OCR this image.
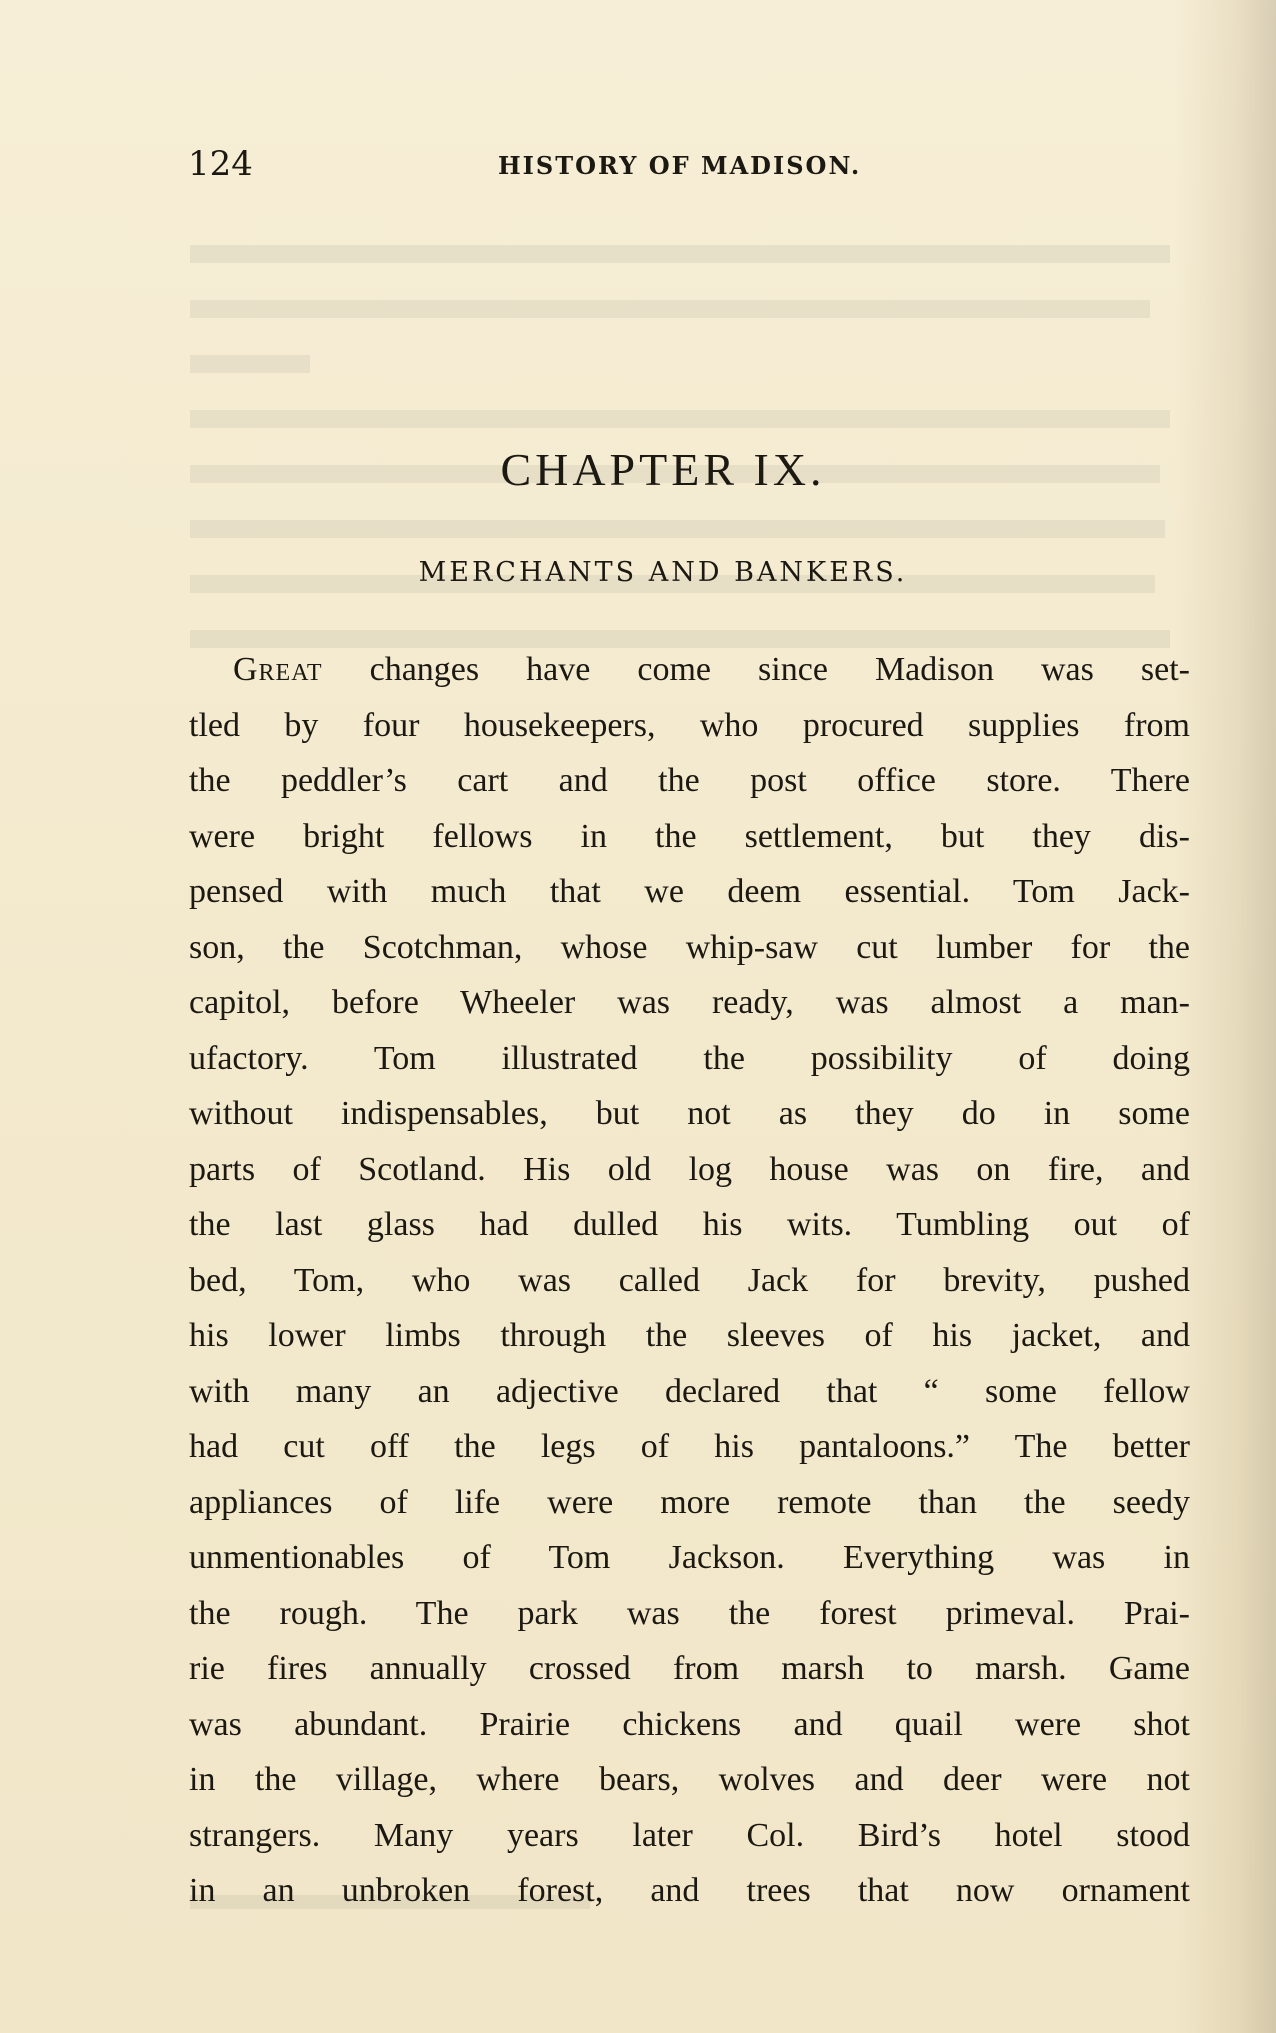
124	HISTORY OF MADISON.
CHAPTER IX.
MERCHANTS AND BANKERS.
Great changes have come since Madison was set-
tled by four housekeepers, who procured supplies from
the peddler’s cart and the post office store. There
were bright fellows in the settlement, but they dis-
pensed with much that we deem essential. Tom Jack-
son, the Scotchman, whose whip-saw cut lumber for the
capitol, before Wheeler was ready, was almost a man-
ufactory. Tom illustrated the possibility of doing
without indispensables, but not as they do in some
parts of Scotland. His old log house was on fire, and
the last glass had dulled his wits. Tumbling out of
bed, Tom, who was called Jack for brevity, pushed
his lower limbs through the sleeves of his jacket, and
with many an adjective declared that “ some fellow
had cut off the legs of his pantaloons.” The better
appliances of life were more remote than the seedy
unmentionables of Tom Jackson. Everything was in
the rough. The park was the forest primeval. Prai-
rie fires annually crossed from marsh to marsh. Game
was abundant. Prairie chickens and quail were shot
in the village, where bears, wolves and deer were not
strangers. Many years later Col. Bird’s hotel stood
in an unbroken forest, and trees that now ornament
